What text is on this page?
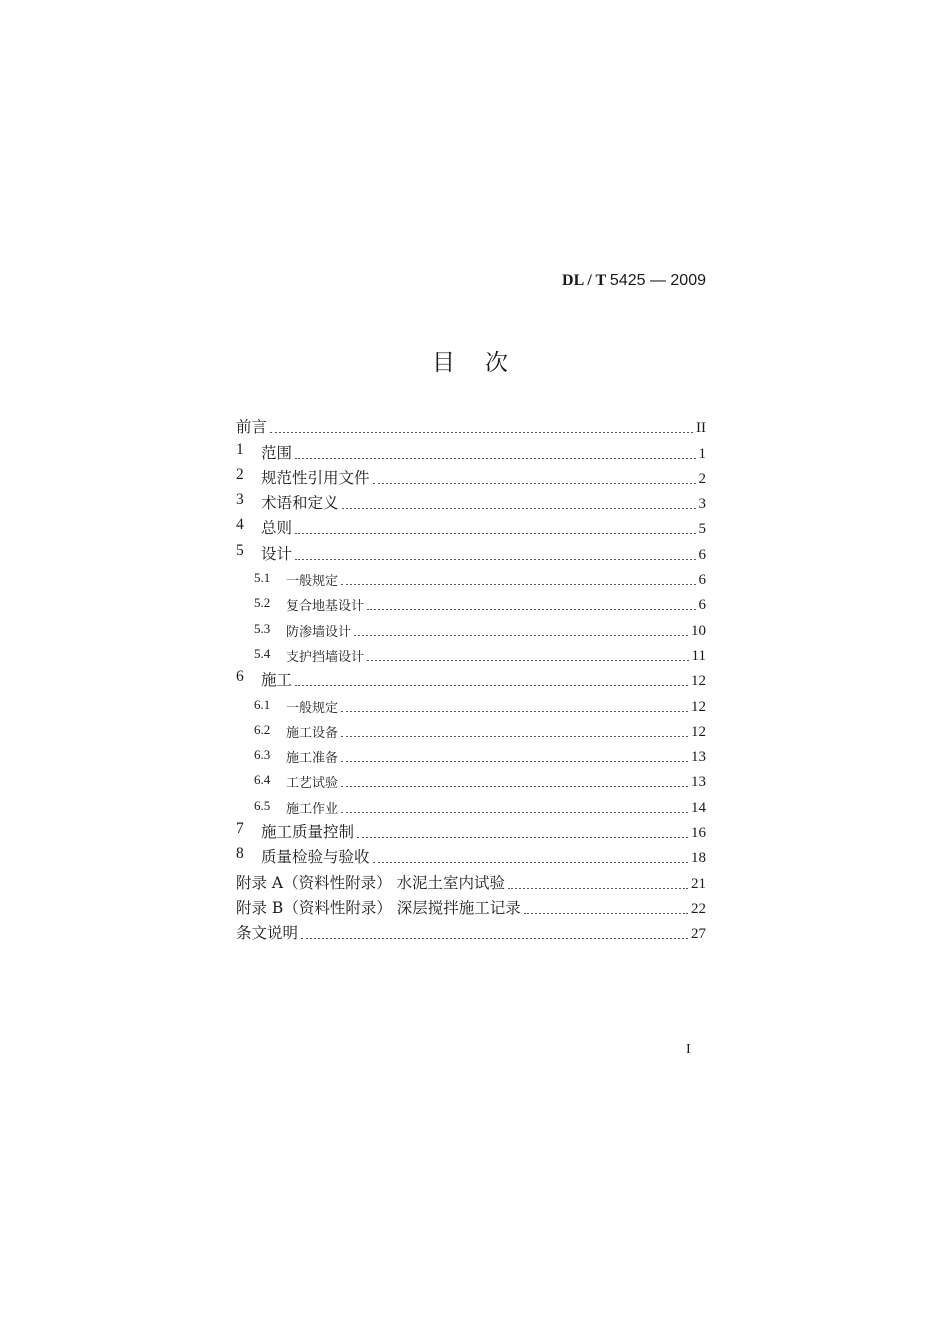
DL / T 5425 — 2009
目次
前言	II
1	范围	1
2	规范性引用文件	2
3	术语和定义	3
4	总则	5
5	设计	6
5.1	一般规定	6
5.2	复合地基设计	6
5.3	防渗墙设计	10
5.4	支护挡墙设计	11
6	施工	12
6.1	一般规定	12
6.2	施工设备	12
6.3	施工准备	13
6.4	工艺试验	13
6.5	施工作业	14
7	施工质量控制	16
8	质量检验与验收	18
附录 A（资料性附录） 水泥土室内试验	21
附录 B（资料性附录） 深层搅拌施工记录	22
条文说明	27
I
